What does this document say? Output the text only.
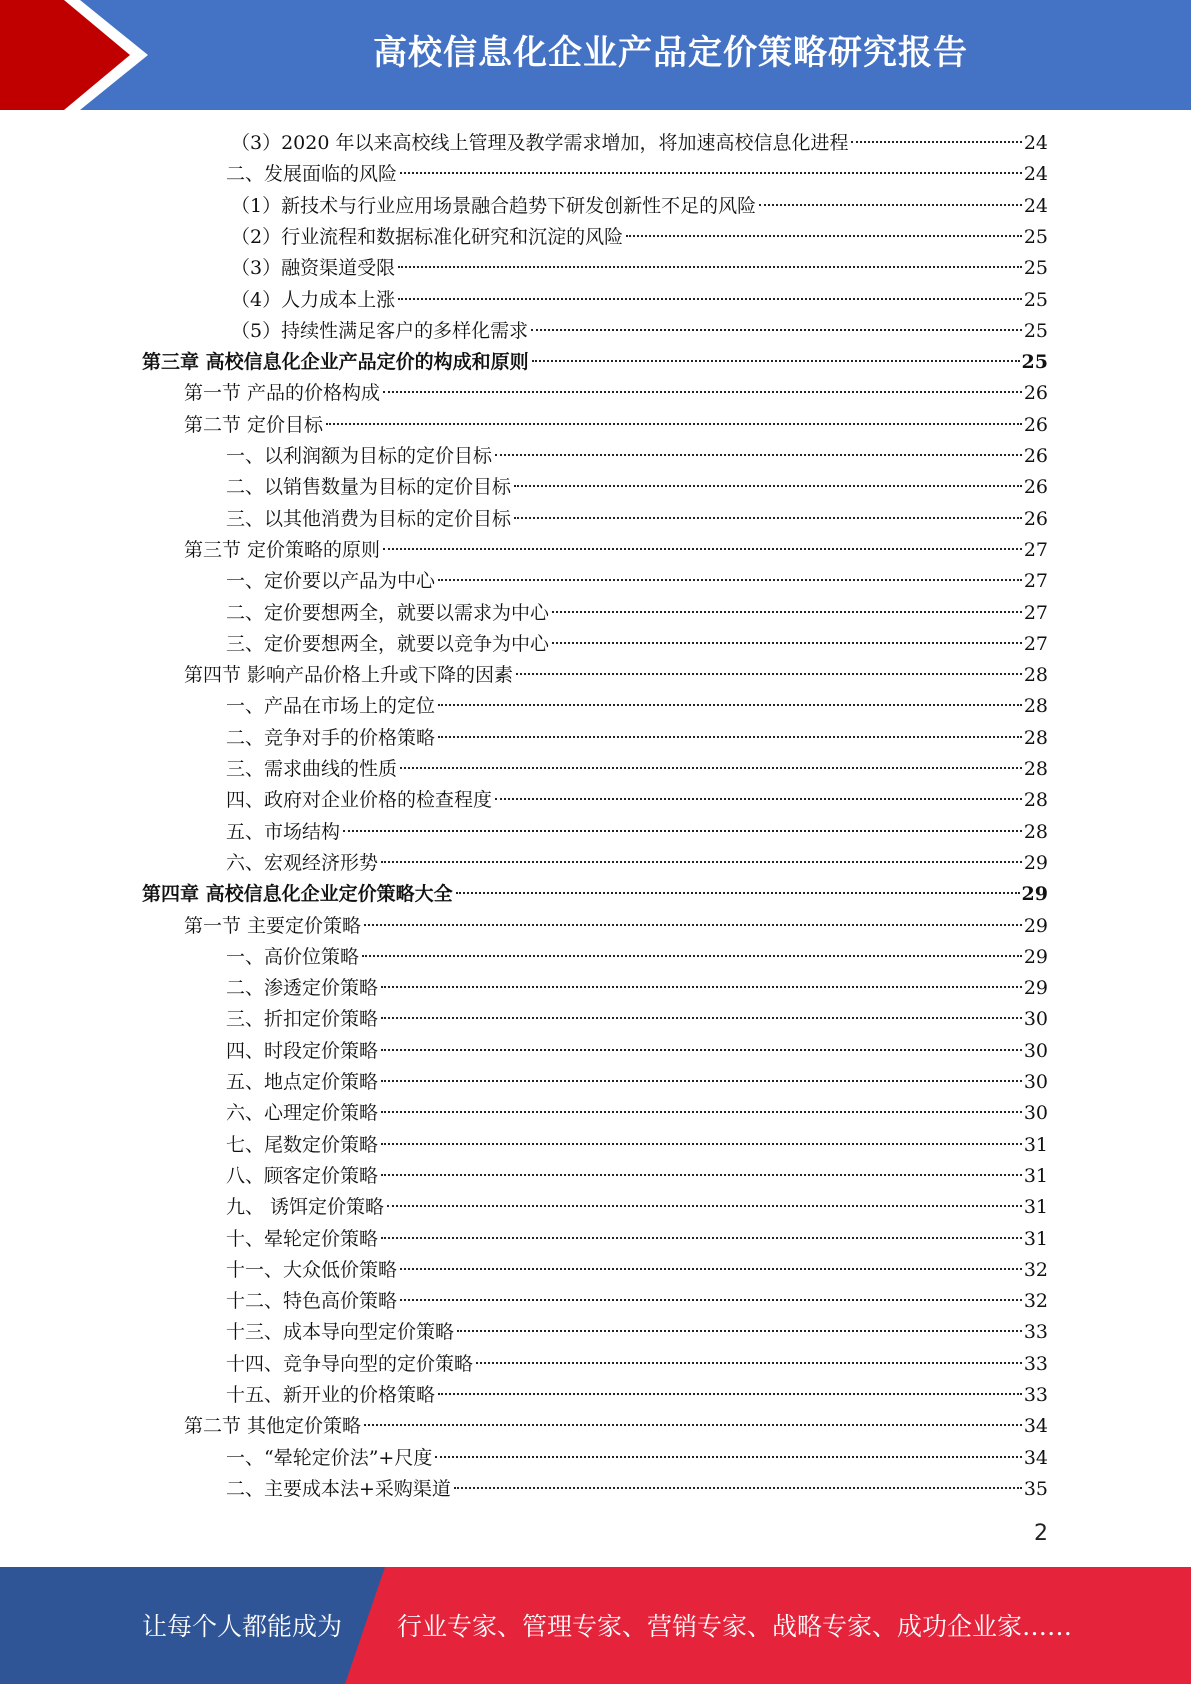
高校信息化企业产品定价策略研究报告
（3）2020 年以来高校线上管理及教学需求增加，将加速高校信息化进程	24
二、发展面临的风险	24
（1）新技术与行业应用场景融合趋势下研发创新性不足的风险	24
（2）行业流程和数据标准化研究和沉淀的风险	25
（3）融资渠道受限	25
（4）人力成本上涨	25
（5）持续性满足客户的多样化需求	25
第三章 高校信息化企业产品定价的构成和原则	25
第一节 产品的价格构成	26
第二节 定价目标	26
一、以利润额为目标的定价目标	26
二、以销售数量为目标的定价目标	26
三、以其他消费为目标的定价目标	26
第三节 定价策略的原则	27
一、定价要以产品为中心	27
二、定价要想两全，就要以需求为中心	27
三、定价要想两全，就要以竞争为中心	27
第四节 影响产品价格上升或下降的因素	28
一、产品在市场上的定位	28
二、竞争对手的价格策略	28
三、需求曲线的性质	28
四、政府对企业价格的检查程度	28
五、市场结构	28
六、宏观经济形势	29
第四章 高校信息化企业定价策略大全	29
第一节 主要定价策略	29
一、高价位策略	29
二、渗透定价策略	29
三、折扣定价策略	30
四、时段定价策略	30
五、地点定价策略	30
六、心理定价策略	30
七、尾数定价策略	31
八、顾客定价策略	31
九、 诱饵定价策略	31
十、晕轮定价策略	31
十一、大众低价策略	32
十二、特色高价策略	32
十三、成本导向型定价策略	33
十四、竞争导向型的定价策略	33
十五、新开业的价格策略	33
第二节 其他定价策略	34
一、“晕轮定价法”+尺度	34
二、主要成本法+采购渠道	35
2
让每个人都能成为 行业专家、管理专家、营销专家、战略专家、成功企业家……
